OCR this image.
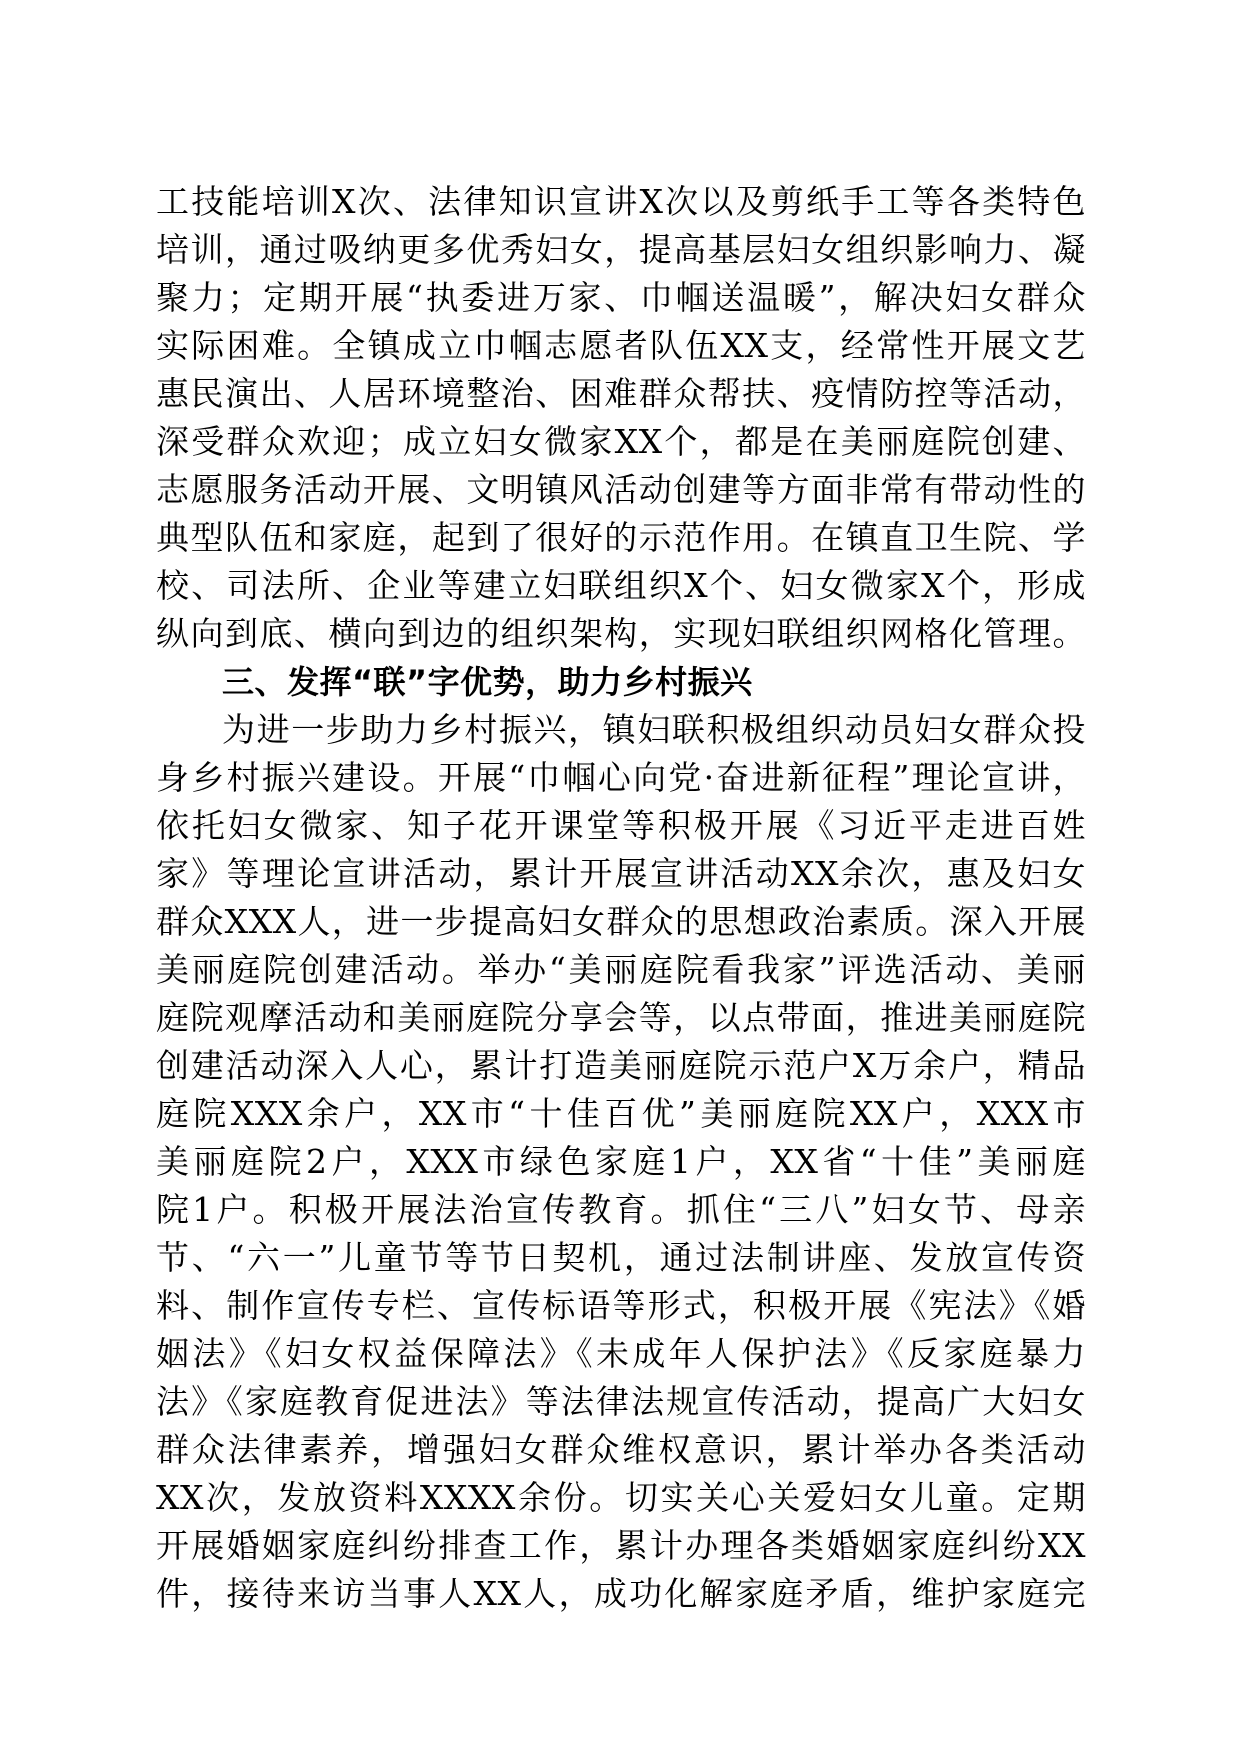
工技能培训X次、法律知识宣讲X次以及剪纸手工等各类特色
培训，通过吸纳更多优秀妇女，提高基层妇女组织影响力、凝
聚力；定期开展“执委进万家、巾帼送温暖”，解决妇女群众
实际困难。全镇成立巾帼志愿者队伍XX支，经常性开展文艺
惠民演出、人居环境整治、困难群众帮扶、疫情防控等活动，
深受群众欢迎；成立妇女微家XX个，都是在美丽庭院创建、
志愿服务活动开展、文明镇风活动创建等方面非常有带动性的
典型队伍和家庭，起到了很好的示范作用。在镇直卫生院、学
校、司法所、企业等建立妇联组织X个、妇女微家X个，形成
纵向到底、横向到边的组织架构，实现妇联组织网格化管理。
三、发挥“联”字优势，助力乡村振兴
为进一步助力乡村振兴，镇妇联积极组织动员妇女群众投
身乡村振兴建设。开展“巾帼心向党·奋进新征程”理论宣讲，
依托妇女微家、知子花开课堂等积极开展《习近平走进百姓
家》等理论宣讲活动，累计开展宣讲活动XX余次，惠及妇女
群众XXX人，进一步提高妇女群众的思想政治素质。深入开展
美丽庭院创建活动。举办“美丽庭院看我家”评选活动、美丽
庭院观摩活动和美丽庭院分享会等，以点带面，推进美丽庭院
创建活动深入人心，累计打造美丽庭院示范户X万余户，精品
庭院XXX余户，XX市“十佳百优”美丽庭院XX户，XXX市
美丽庭院2户，XXX市绿色家庭1户，XX省“十佳”美丽庭
院1户。积极开展法治宣传教育。抓住“三八”妇女节、母亲
节、“六一”儿童节等节日契机，通过法制讲座、发放宣传资
料、制作宣传专栏、宣传标语等形式，积极开展《宪法》《婚
姻法》《妇女权益保障法》《未成年人保护法》《反家庭暴力
法》《家庭教育促进法》等法律法规宣传活动，提高广大妇女
群众法律素养，增强妇女群众维权意识，累计举办各类活动
XX次，发放资料XXXX余份。切实关心关爱妇女儿童。定期
开展婚姻家庭纠纷排查工作，累计办理各类婚姻家庭纠纷XX
件，接待来访当事人XX人，成功化解家庭矛盾，维护家庭完
